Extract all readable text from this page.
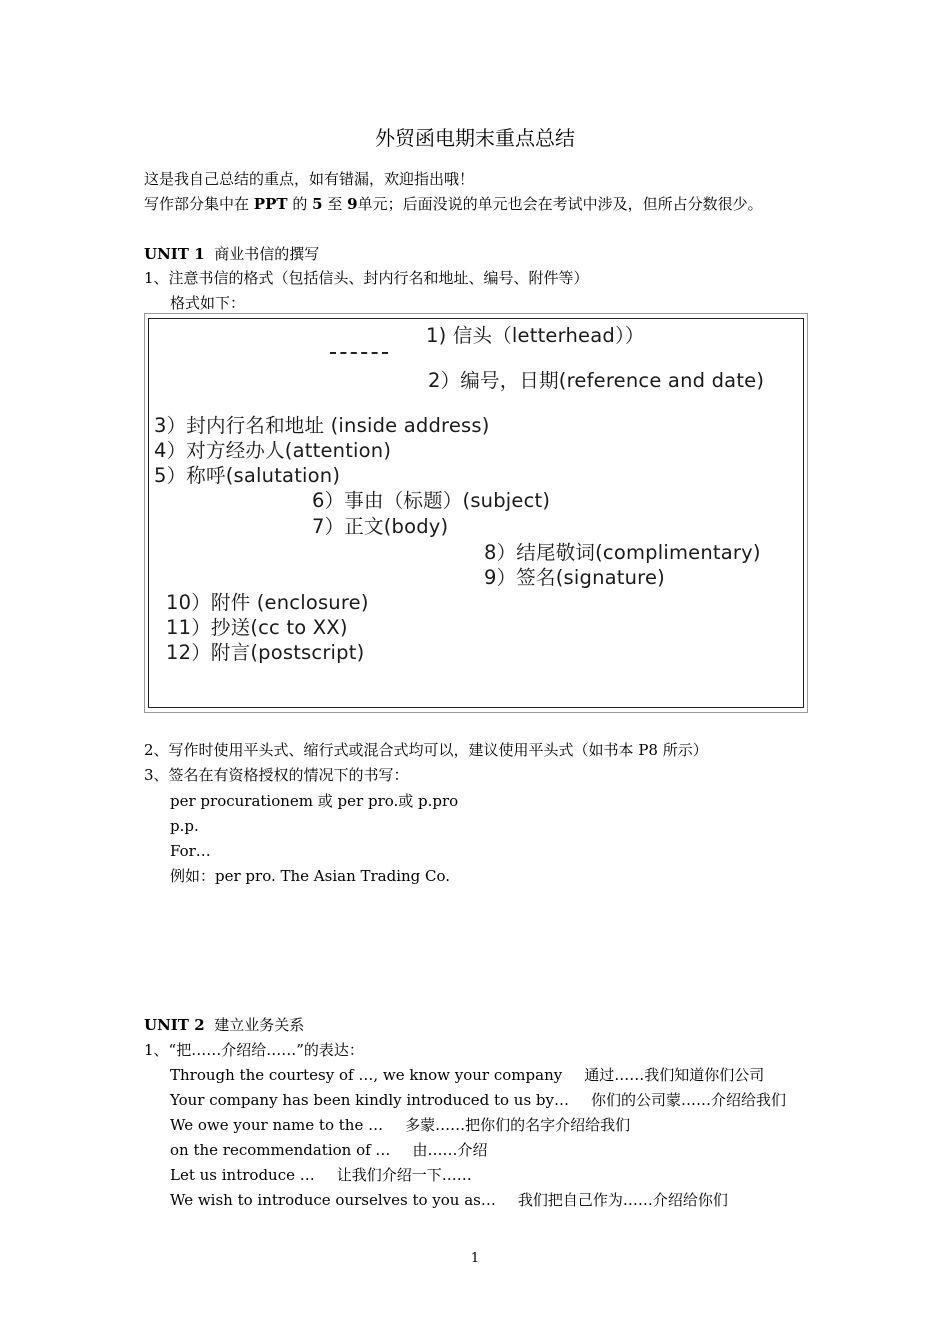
外贸函电期末重点总结
这是我自己总结的重点，如有错漏，欢迎指出哦！
写作部分集中在 PPT 的 5 至 9单元；后面没说的单元也会在考试中涉及，但所占分数很少。
UNIT 1 商业书信的撰写
1、注意书信的格式（包括信头、封内行名和地址、编号、附件等）
格式如下：
1) 信头（letterhead））
2）编号，日期(reference and date)
3）封内行名和地址 (inside address)
4）对方经办人(attention)
5）称呼(salutation)
6）事由（标题）(subject)
7）正文(body)
8）结尾敬词(complimentary)
9）签名(signature)
10）附件 (enclosure)
11）抄送(cc to XX)
12）附言(postscript)
2、写作时使用平头式、缩行式或混合式均可以，建议使用平头式（如书本 P8 所示）
3、签名在有资格授权的情况下的书写：
per procurationem 或 per pro.或 p.pro
p.p.
For…
例如：per pro. The Asian Trading Co.
UNIT 2 建立业务关系
1、“把……介绍给……”的表达：
Through the courtesy of …, we know your company 通过……我们知道你们公司
Your company has been kindly introduced to us by… 你们的公司蒙……介绍给我们
We owe your name to the … 多蒙……把你们的名字介绍给我们
on the recommendation of … 由……介绍
Let us introduce … 让我们介绍一下……
We wish to introduce ourselves to you as… 我们把自己作为……介绍给你们
1
